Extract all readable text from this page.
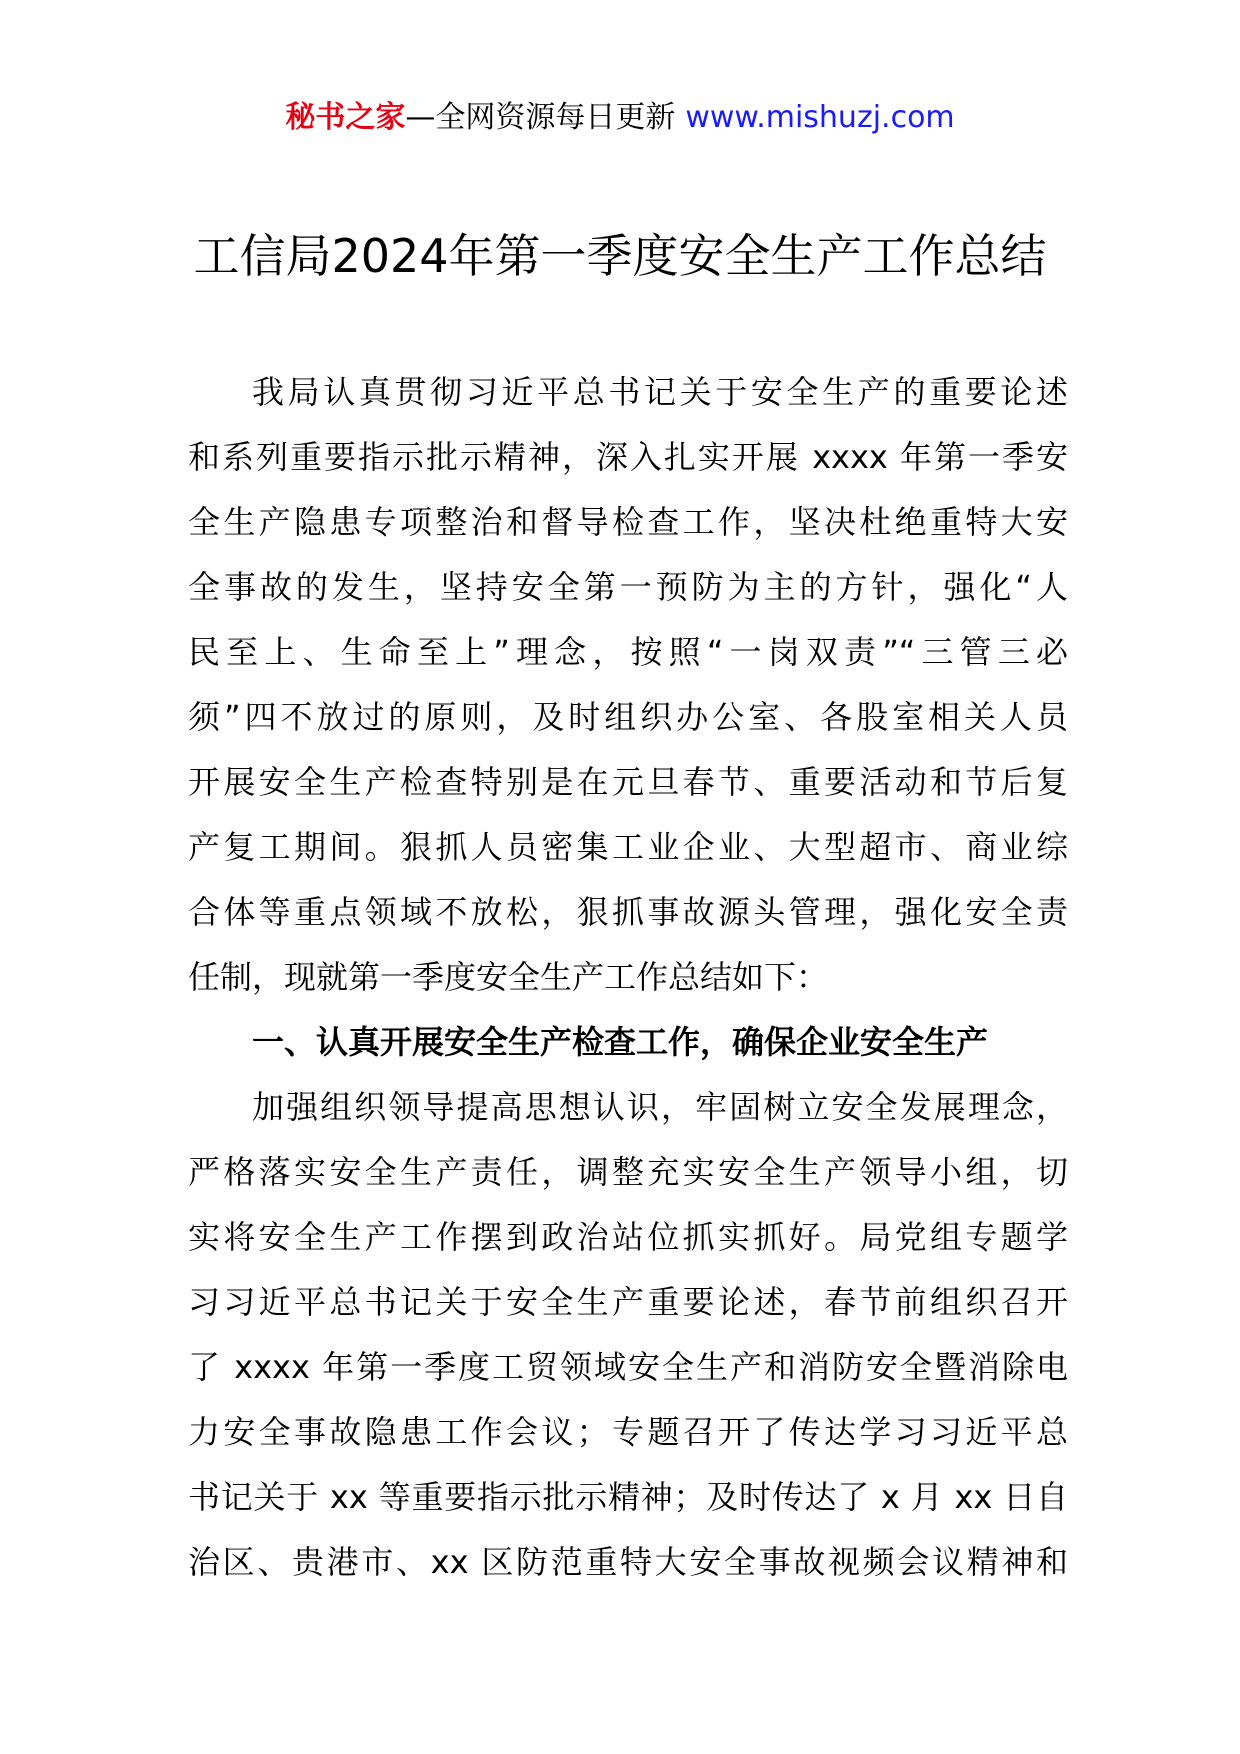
秘书之家—全网资源每日更新 www.mishuzj.com
工信局2024年第一季度安全生产工作总结
我局认真贯彻习近平总书记关于安全生产的重要论述
和系列重要指示批示精神，深入扎实开展 xxxx 年第一季安
全生产隐患专项整治和督导检查工作，坚决杜绝重特大安
全事故的发生，坚持安全第一预防为主的方针，强化“人
民至上、生命至上”理念，按照“一岗双责”“三管三必
须”四不放过的原则，及时组织办公室、各股室相关人员
开展安全生产检查特别是在元旦春节、重要活动和节后复
产复工期间。狠抓人员密集工业企业、大型超市、商业综
合体等重点领域不放松，狠抓事故源头管理，强化安全责
任制，现就第一季度安全生产工作总结如下：
一、认真开展安全生产检查工作，确保企业安全生产
加强组织领导提高思想认识，牢固树立安全发展理念，
严格落实安全生产责任，调整充实安全生产领导小组，切
实将安全生产工作摆到政治站位抓实抓好。局党组专题学
习习近平总书记关于安全生产重要论述，春节前组织召开
了 xxxx 年第一季度工贸领域安全生产和消防安全暨消除电
力安全事故隐患工作会议；专题召开了传达学习习近平总
书记关于 xx 等重要指示批示精神；及时传达了 x 月 xx 日自
治区、贵港市、xx 区防范重特大安全事故视频会议精神和
